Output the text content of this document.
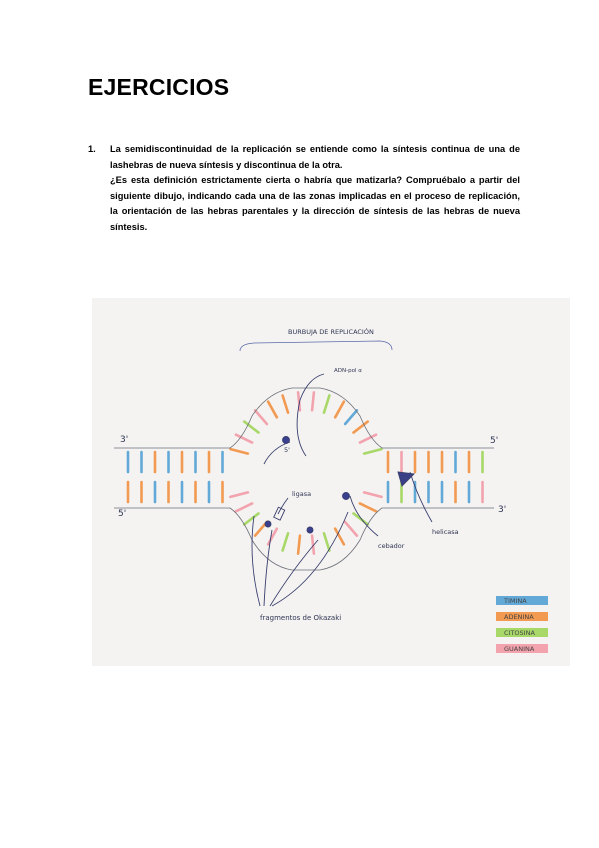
EJERCICIOS
1. La semidiscontinuidad de la replicación se entiende como la síntesis continua de una de lashebras de nueva síntesis y discontinua de la otra.

¿Es esta definición estrictamente cierta o habría que matizarla? Compruébalo a partir del siguiente dibujo, indicando cada una de las zonas implicadas en el proceso de replicación, la orientación de las hebras parentales y la dirección de síntesis de las hebras de nueva síntesis.

BURBUJA DE REPLICACIÓN
3'
5'
5'
3'
5'
ADN-pol α
ligasa
cebador
helicasa
fragmentos de Okazaki
TIMINA
ADENINA
CITOSINA
GUANINA
